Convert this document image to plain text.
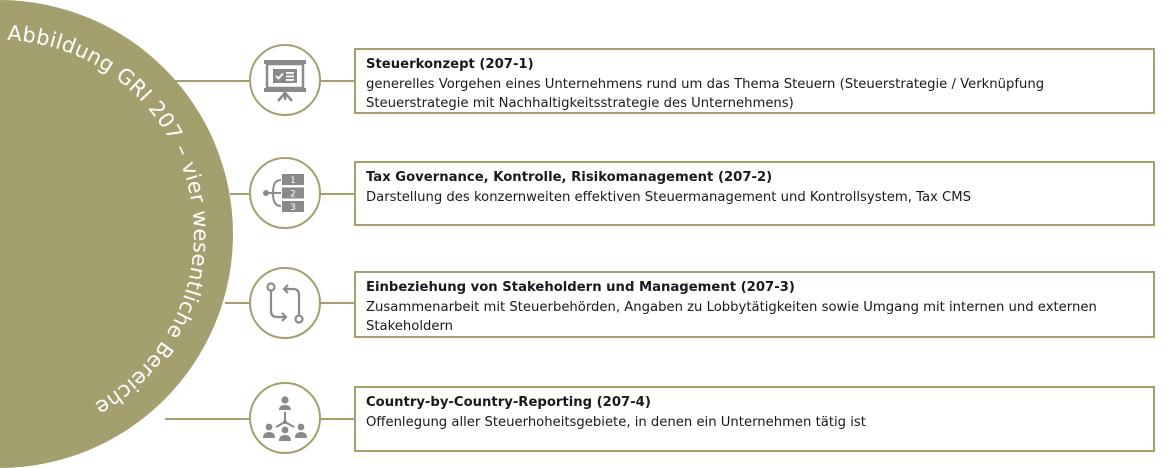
Abbildung GRI 207 – vier wesentliche Bereiche
1
2
3
Steuerkonzept (207-1)
generelles Vorgehen eines Unternehmens rund um das Thema Steuern (Steuerstrategie / Verknüpfung Steuerstrategie mit Nachhaltigkeitsstrategie des Unternehmens)
Tax Governance, Kontrolle, Risikomanagement (207-2)
Darstellung des konzernweiten effektiven Steuermanagement und Kontrollsystem, Tax CMS
Einbeziehung von Stakeholdern und Management (207-3)
Zusammenarbeit mit Steuerbehörden, Angaben zu Lobbytätigkeiten sowie Umgang mit internen und externen Stakeholdern
Country-by-Country-Reporting (207-4)
Offenlegung aller Steuerhoheitsgebiete, in denen ein Unternehmen tätig ist
